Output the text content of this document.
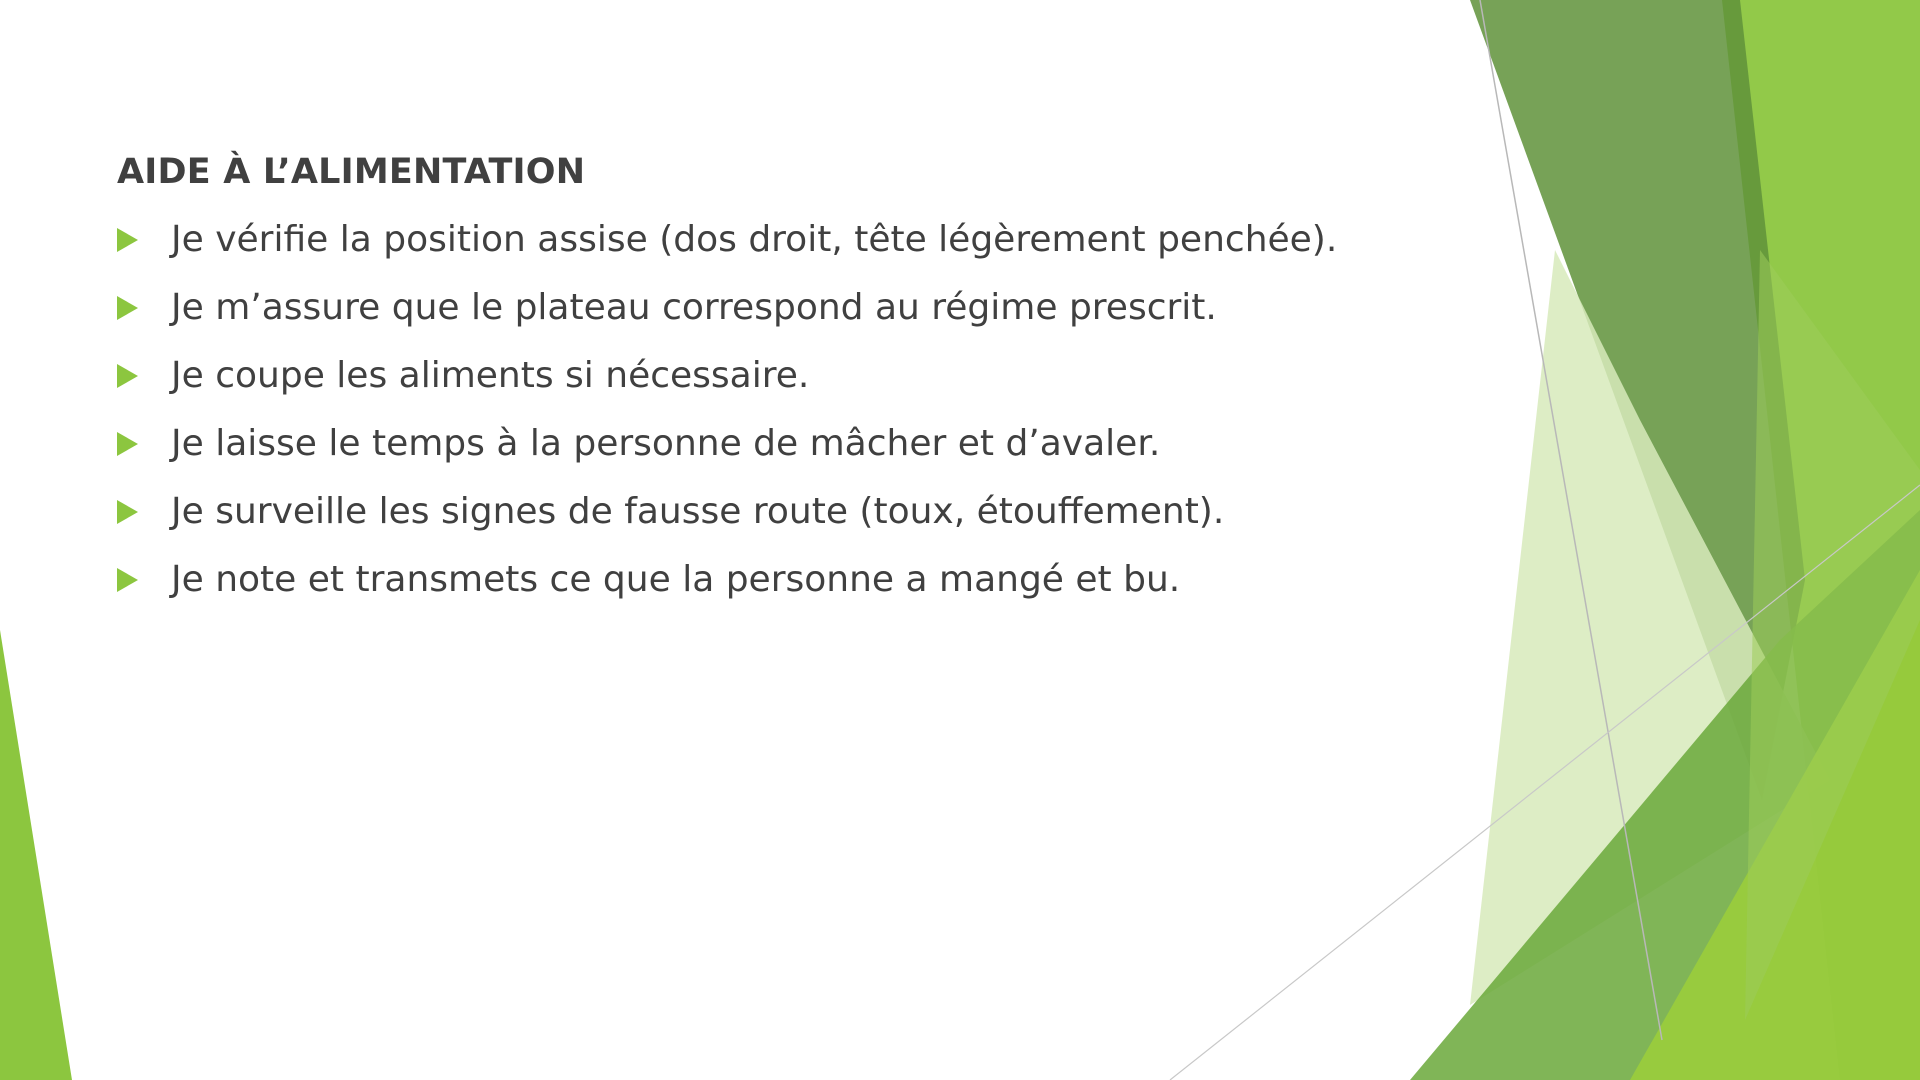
AIDE À L’ALIMENTATION
Je vérifie la position assise (dos droit, tête légèrement penchée).
Je m’assure que le plateau correspond au régime prescrit.
Je coupe les aliments si nécessaire.
Je laisse le temps à la personne de mâcher et d’avaler.
Je surveille les signes de fausse route (toux, étouffement).
Je note et transmets ce que la personne a mangé et bu.
